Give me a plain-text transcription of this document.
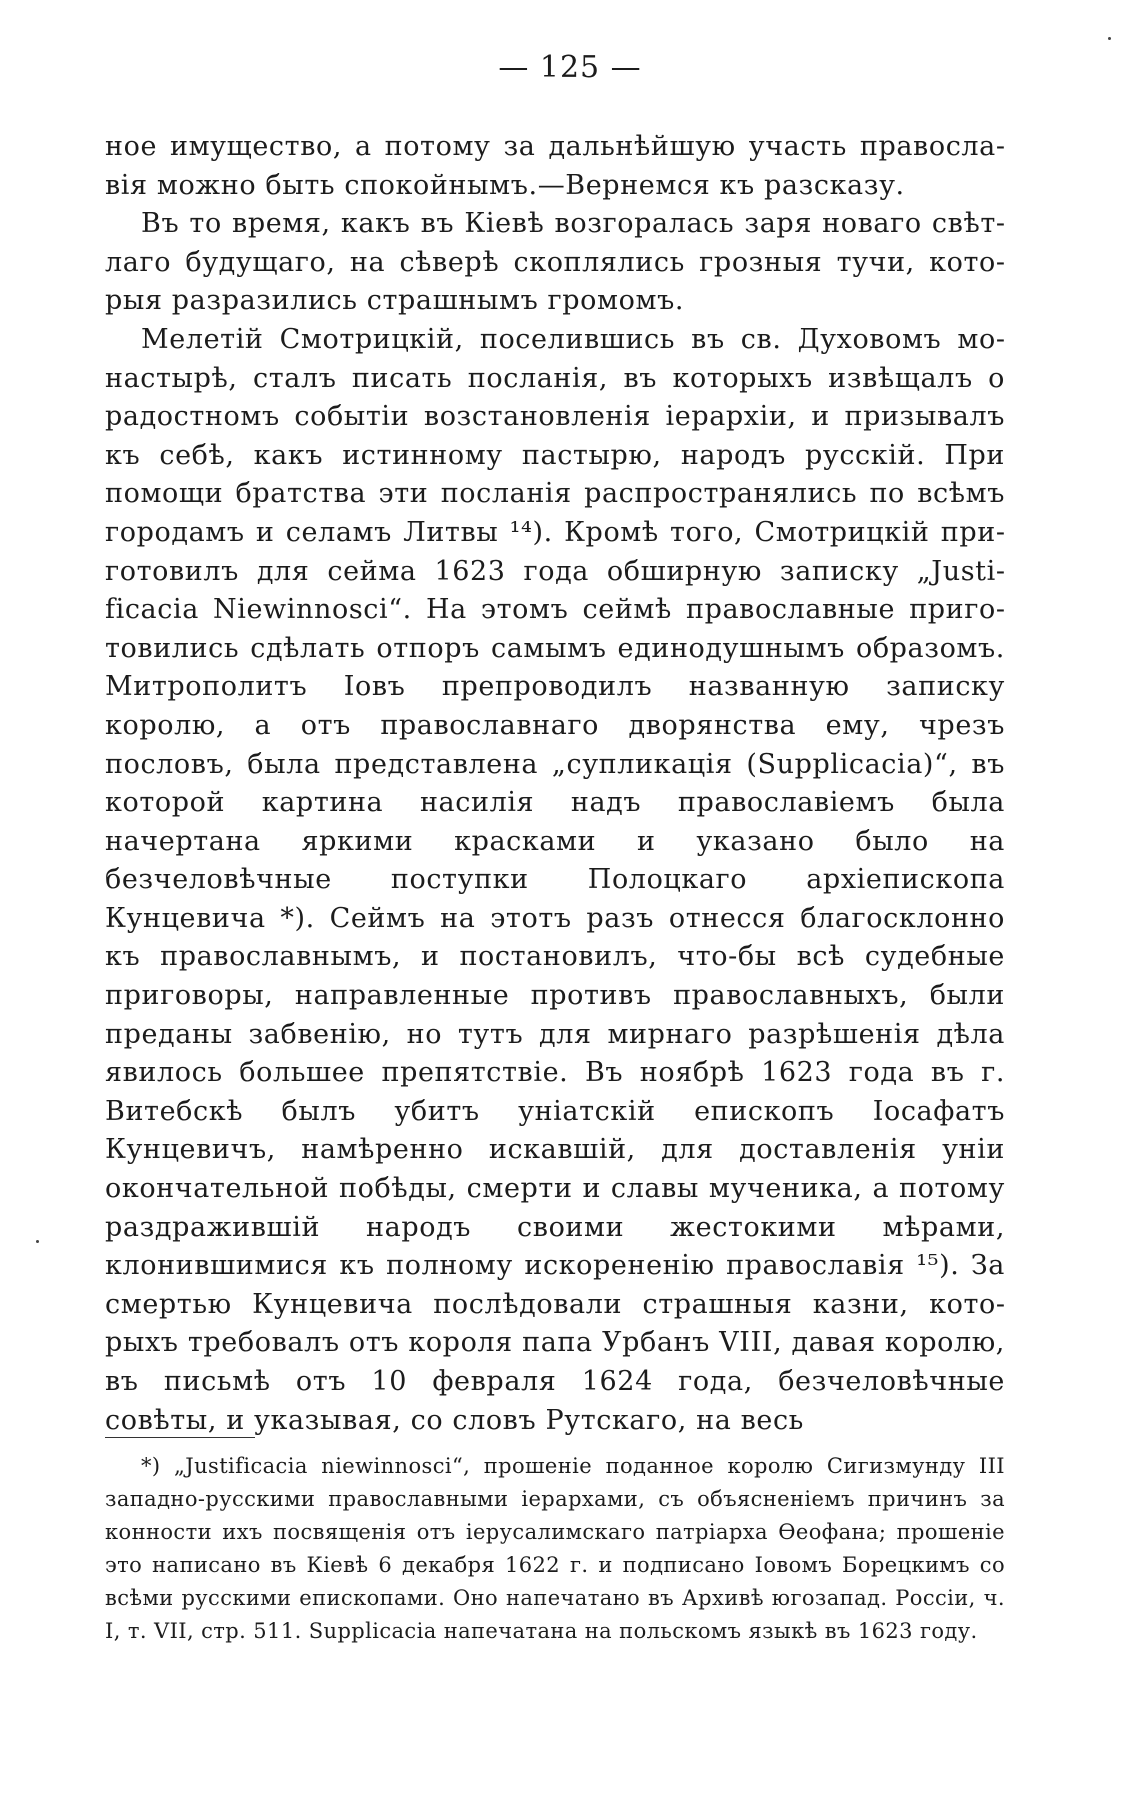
— 125 —

ное имущество, а потому за дальнѣйшую участь православія можно быть спокойнымъ.—Вернемся къ разсказу.

Въ то время, какъ въ Кіевѣ возгоралась заря новаго свѣтлаго будущаго, на сѣверѣ скоплялись грозныя тучи, которыя разразились страшнымъ громомъ.

Мелетій Смотрицкій, поселившись въ св. Духовомъ монастырѣ, сталъ писать посланія, въ которыхъ извѣщалъ о радостномъ событіи возстановленія іерархіи, и призывалъ къ себѣ, какъ истинному пастырю, народъ русскій. При помощи братства эти посланія распространялись по всѣмъ городамъ и селамъ Литвы ¹⁴). Кромѣ того, Смотрицкій приготовилъ для сейма 1623 года обширную записку „Justificacia Niewinnosci“. На этомъ сеймѣ православные приготовились сдѣлать отпоръ самымъ единодушнымъ образомъ. Митрополитъ Іовъ препроводилъ названную записку королю, а отъ православнаго дворянства ему, чрезъ пословъ, была представлена „супликація (Supplicacia)“, въ которой картина насилія надъ православіемъ была начертана яркими красками и указано было на безчеловѣчные поступки Полоцкаго архіепископа Кунцевича *). Сеймъ на этотъ разъ отнесся благосклонно къ православнымъ, и постановилъ, что-бы всѣ судебные приговоры, направленные противъ православныхъ, были преданы забвенію, но тутъ для мирнаго разрѣшенія дѣла явилось большее препятствіе. Въ ноябрѣ 1623 года въ г. Витебскѣ былъ убитъ уніатскій епископъ Іосафатъ Кунцевичъ, намѣренно искавшій, для доставленія уніи окончательной побѣды, смерти и славы мученика, а потому раздражившій народъ своими жестокими мѣрами, клонившимися къ полному искорененію православія ¹⁵). За смертью Кунцевича послѣдовали страшныя казни, которыхъ требовалъ отъ короля папа Урбанъ VIII, давая королю, въ письмѣ отъ 10 февраля 1624 года, безчеловѣчные совѣты, и указывая, со словъ Рутскаго, на весь

*) „Justificacia niewinnosci“, прошеніе поданное королю Сигизмунду III западно-русскими православными іерархами, съ объясненіемъ причинъ за конности ихъ посвященія отъ іерусалимскаго патріарха Өеофана; прошеніе это написано въ Кіевѣ 6 декабря 1622 г. и подписано Іовомъ Борецкимъ со всѣми русскими епископами. Оно напечатано въ Архивѣ югозапад. Россіи, ч. I, т. VII, стр. 511. Supplicacia напечатана на польскомъ языкѣ въ 1623 году.
